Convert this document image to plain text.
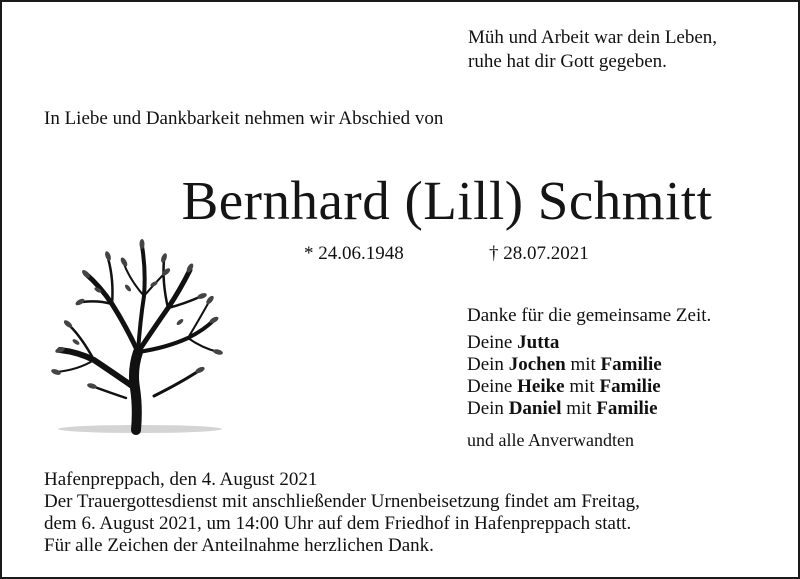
Müh und Arbeit war dein Leben,
ruhe hat dir Gott gegeben.
In Liebe und Dankbarkeit nehmen wir Abschied von
Bernhard (Lill) Schmitt
* 24.06.1948	† 28.07.2021
Danke für die gemeinsame Zeit.
Deine Jutta
Dein Jochen mit Familie
Deine Heike mit Familie
Dein Daniel mit Familie
und alle Anverwandten
Hafenpreppach, den 4. August 2021
Der Trauergottesdienst mit anschließender Urnenbeisetzung findet am Freitag,
dem 6. August 2021, um 14:00 Uhr auf dem Friedhof in Hafenpreppach statt.
Für alle Zeichen der Anteilnahme herzlichen Dank.
